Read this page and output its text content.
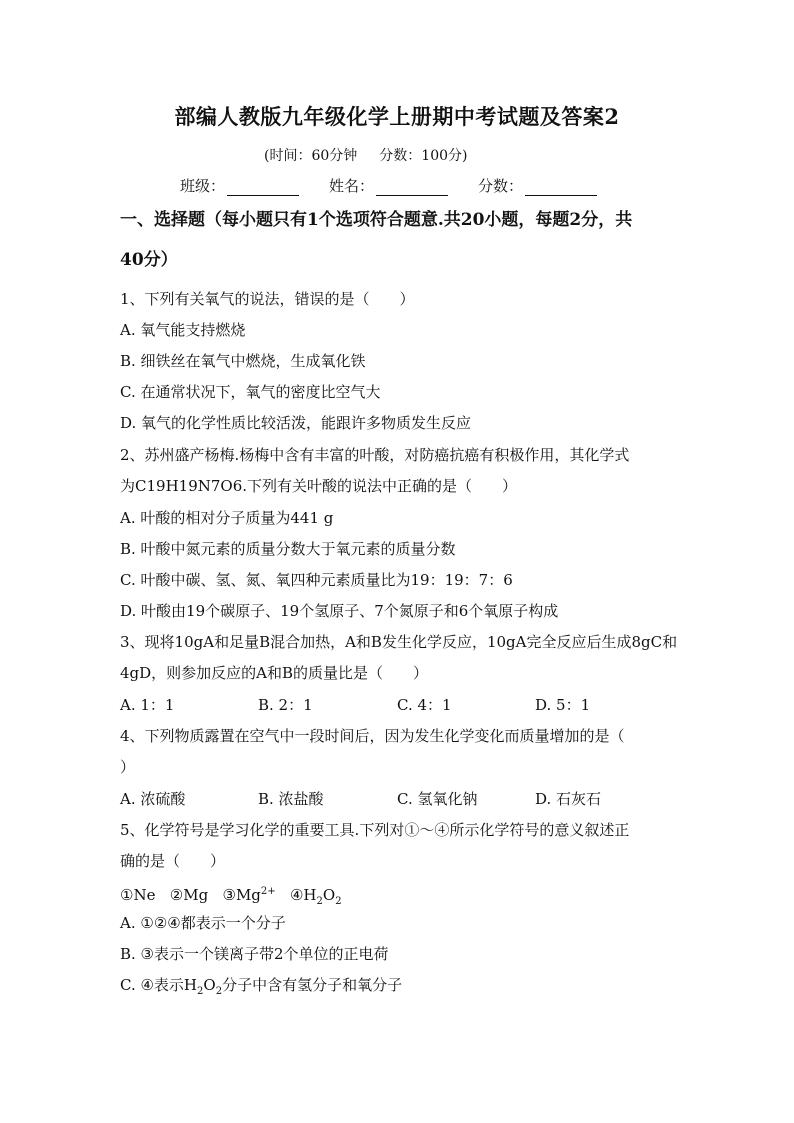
部编人教版九年级化学上册期中考试题及答案2
(时间：60分钟 分数：100分)
班级：	姓名：	分数：
一、选择题（每小题只有1个选项符合题意.共20小题，每题2分，共
40分）
1、下列有关氧气的说法，错误的是（　　）
A. 氧气能支持燃烧
B. 细铁丝在氧气中燃烧，生成氧化铁
C. 在通常状况下，氧气的密度比空气大
D. 氧气的化学性质比较活泼，能跟许多物质发生反应
2、苏州盛产杨梅.杨梅中含有丰富的叶酸，对防癌抗癌有积极作用，其化学式
为C19H19N7O6.下列有关叶酸的说法中正确的是（　　）
A. 叶酸的相对分子质量为441 g
B. 叶酸中氮元素的质量分数大于氧元素的质量分数
C. 叶酸中碳、氢、氮、氧四种元素质量比为19：19：7：6
D. 叶酸由19个碳原子、19个氢原子、7个氮原子和6个氧原子构成
3、现将10gA和足量B混合加热，A和B发生化学反应，10gA完全反应后生成8gC和
4gD，则参加反应的A和B的质量比是（　　）
A. 1：1	B. 2：1	C. 4：1	D. 5：1
4、下列物质露置在空气中一段时间后，因为发生化学变化而质量增加的是（
）
A. 浓硫酸	B. 浓盐酸	C. 氢氧化钠	D. 石灰石
5、化学符号是学习化学的重要工具.下列对①～④所示化学符号的意义叙述正
确的是（　　）
①Ne ②Mg $③Mg^{2+}$ $④H_2O_2$
A. ①②④都表示一个分子
B. ③表示一个镁离子带2个单位的正电荷
C. ④表示$H_2O_2$分子中含有氢分子和氧分子
